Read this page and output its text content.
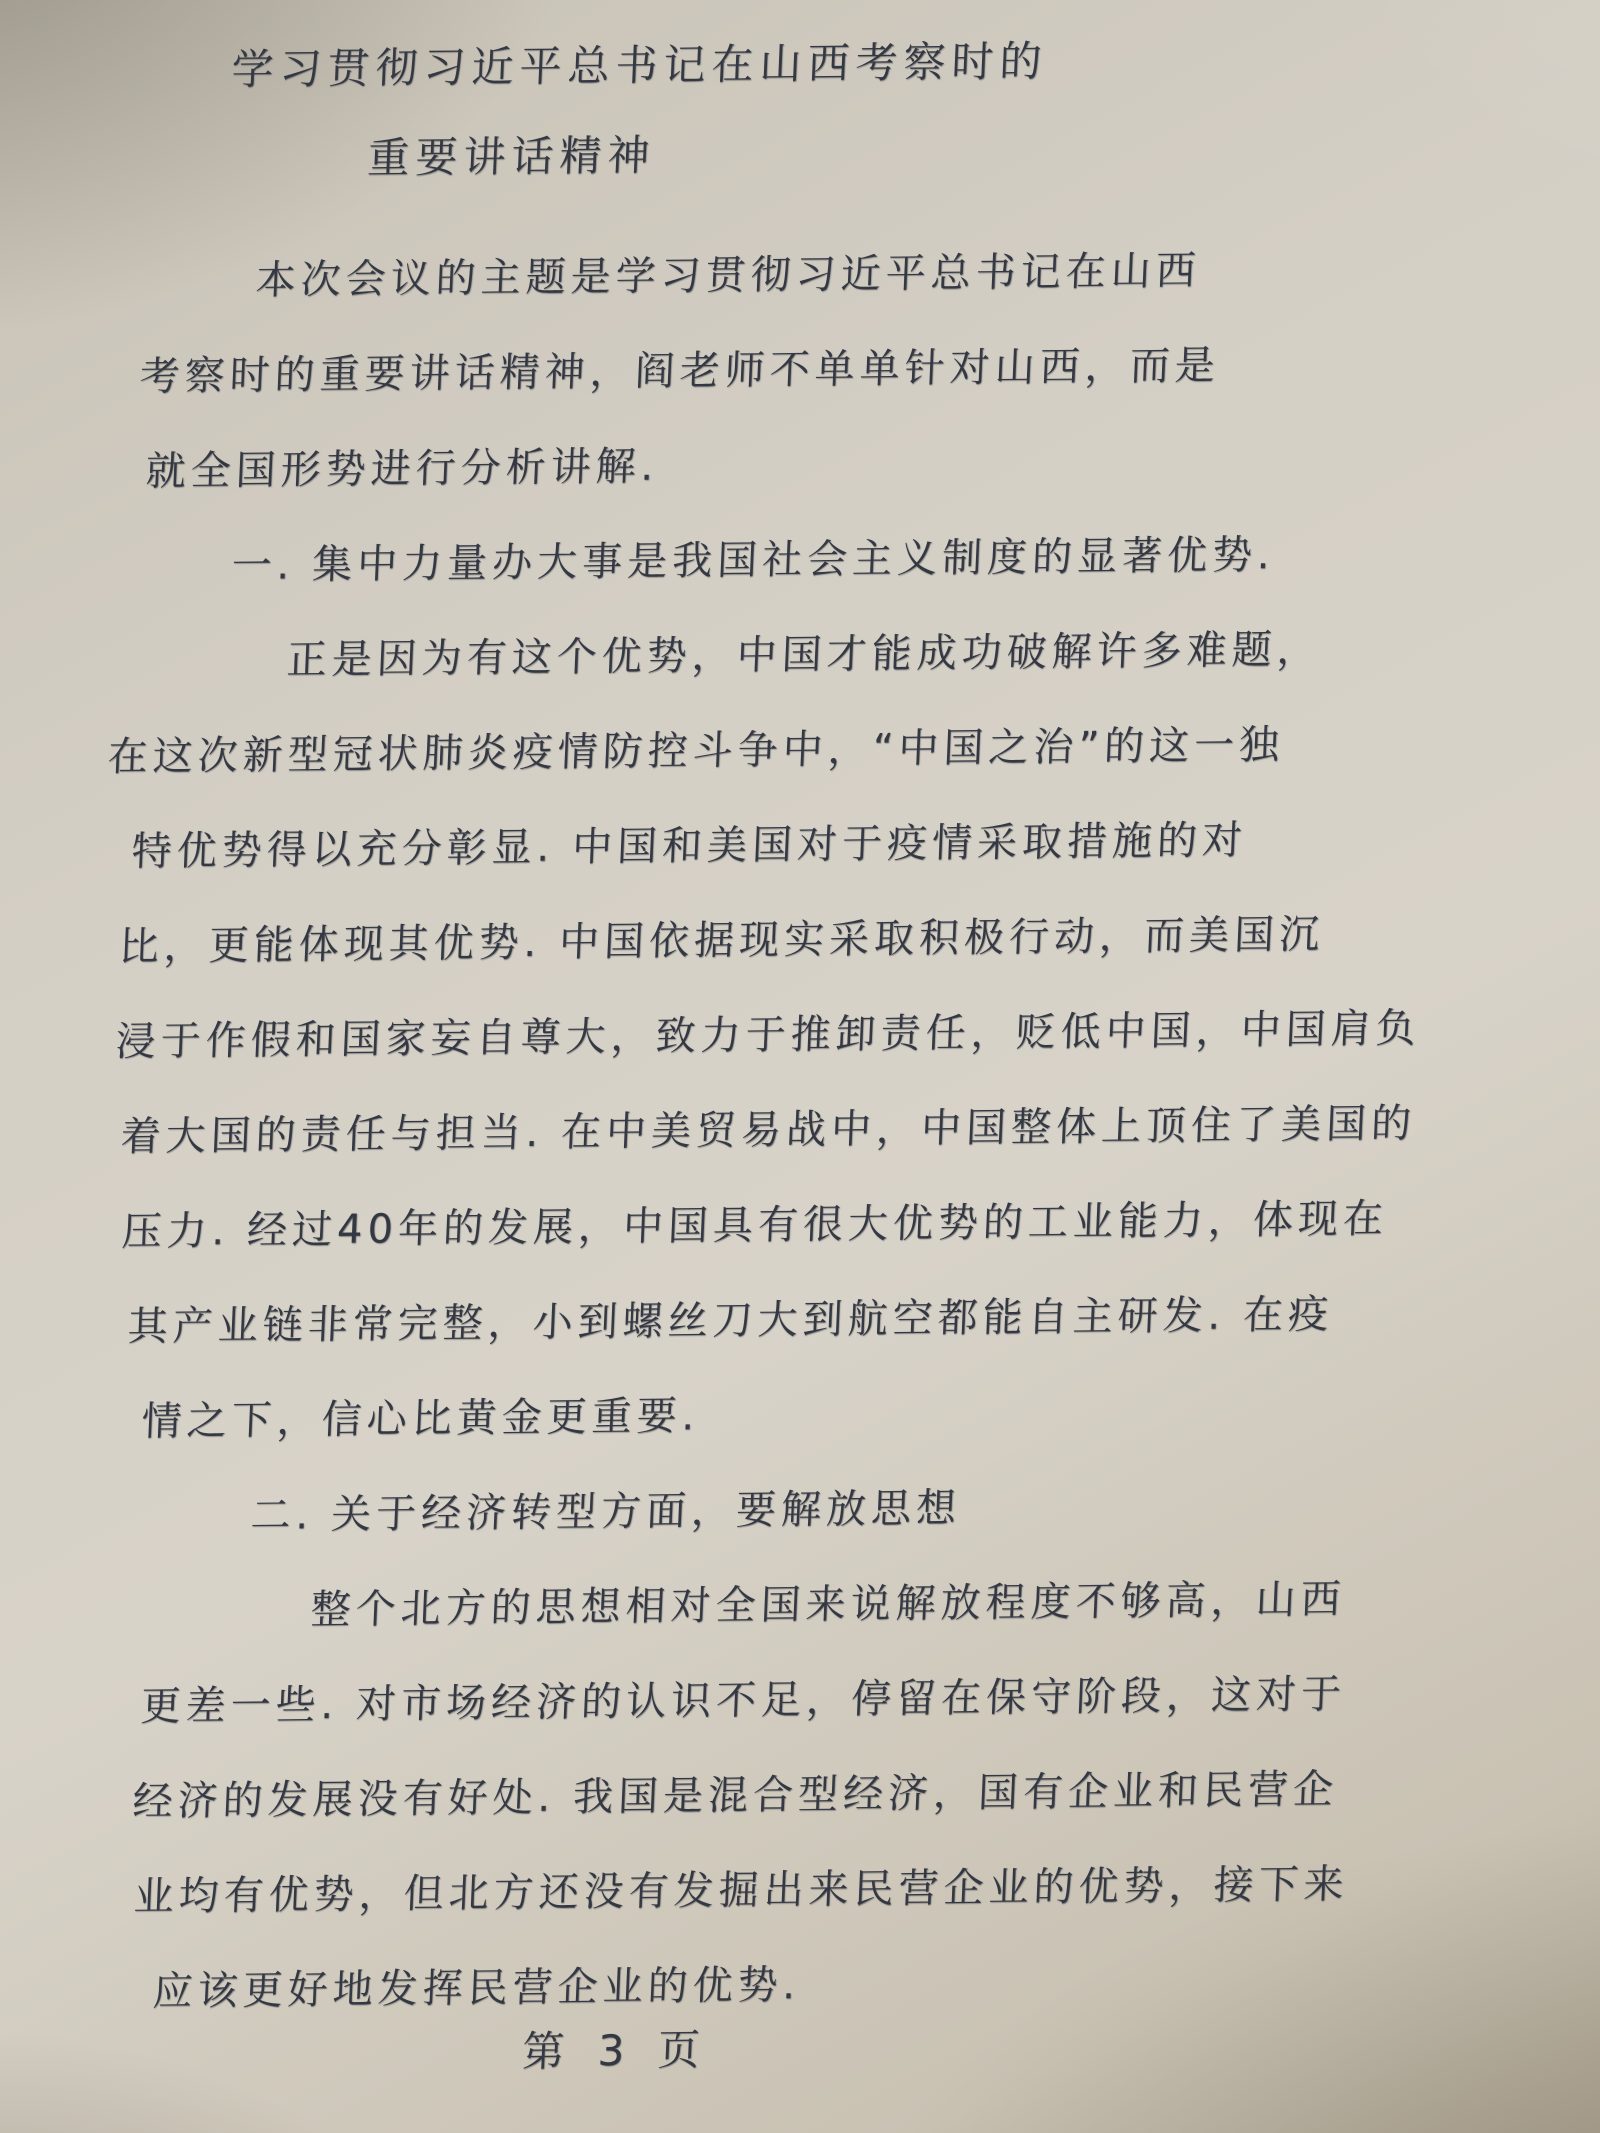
学习贯彻习近平总书记在山西考察时的
重要讲话精神
本次会议的主题是学习贯彻习近平总书记在山西
考察时的重要讲话精神，阎老师不单单针对山西，而是
就全国形势进行分析讲解.
一. 集中力量办大事是我国社会主义制度的显著优势.
正是因为有这个优势，中国才能成功破解许多难题，
在这次新型冠状肺炎疫情防控斗争中，“中国之治”的这一独
特优势得以充分彰显. 中国和美国对于疫情采取措施的对
比，更能体现其优势. 中国依据现实采取积极行动，而美国沉
浸于作假和国家妄自尊大，致力于推卸责任，贬低中国，中国肩负
着大国的责任与担当. 在中美贸易战中，中国整体上顶住了美国的
压力. 经过40年的发展，中国具有很大优势的工业能力，体现在
其产业链非常完整，小到螺丝刀大到航空都能自主研发. 在疫
情之下，信心比黄金更重要.
二. 关于经济转型方面，要解放思想
整个北方的思想相对全国来说解放程度不够高，山西
更差一些. 对市场经济的认识不足，停留在保守阶段，这对于
经济的发展没有好处. 我国是混合型经济，国有企业和民营企
业均有优势，但北方还没有发掘出来民营企业的优势，接下来
应该更好地发挥民营企业的优势.
第 3 页
